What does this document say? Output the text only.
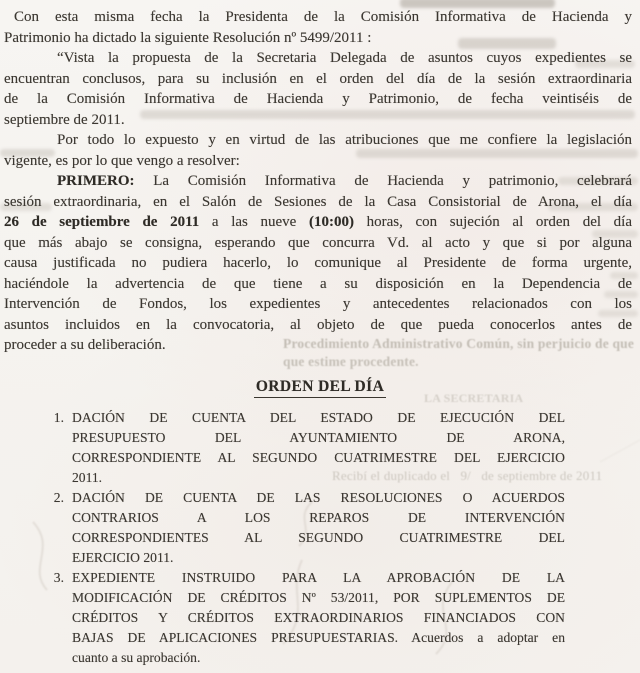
Procedimiento Administrativo Común, sin perjuicio de que
que estime procedente.
LA SECRETARIA
Recibí el duplicado el   9/   de septiembre de 2011
Con esta misma fecha la Presidenta de la Comisión Informativa de Hacienda y
Patrimonio ha dictado la siguiente Resolución nº 5499/2011 :
“Vista la propuesta de la Secretaria Delegada de asuntos cuyos expedientes se
encuentran conclusos, para su inclusión en el orden del día de la sesión extraordinaria
de la Comisión Informativa de Hacienda y Patrimonio, de fecha veintiséis de
septiembre de 2011.
Por todo lo expuesto y en virtud de las atribuciones que me confiere la legislación
vigente, es por lo que vengo a resolver:
PRIMERO: La Comisión Informativa de Hacienda y patrimonio, celebrará
sesión extraordinaria, en el Salón de Sesiones de la Casa Consistorial de Arona, el día
26 de septiembre de 2011 a las nueve (10:00) horas, con sujeción al orden del día
que más abajo se consigna, esperando que concurra Vd. al acto y que si por alguna
causa justificada no pudiera hacerlo, lo comunique al Presidente de forma urgente,
haciéndole la advertencia de que tiene a su disposición en la Dependencia de
Intervención de Fondos, los expedientes y antecedentes relacionados con los
asuntos incluidos en la convocatoria, al objeto de que pueda conocerlos antes de
proceder a su deliberación.
ORDEN DEL DÍA
1. DACIÓN DE CUENTA DEL ESTADO DE EJECUCIÓN DEL
PRESUPUESTO DEL AYUNTAMIENTO DE ARONA,
CORRESPONDIENTE AL SEGUNDO CUATRIMESTRE DEL EJERCICIO
2011.
2. DACIÓN DE CUENTA DE LAS RESOLUCIONES O ACUERDOS
CONTRARIOS A LOS REPAROS DE INTERVENCIÓN
CORRESPONDIENTES AL SEGUNDO CUATRIMESTRE DEL
EJERCICIO 2011.
3. EXPEDIENTE INSTRUIDO PARA LA APROBACIÓN DE LA
MODIFICACIÓN DE CRÉDITOS Nº 53/2011, POR SUPLEMENTOS DE
CRÉDITOS Y CRÉDITOS EXTRAORDINARIOS FINANCIADOS CON
BAJAS DE APLICACIONES PRESUPUESTARIAS. Acuerdos a adoptar en
cuanto a su aprobación.
